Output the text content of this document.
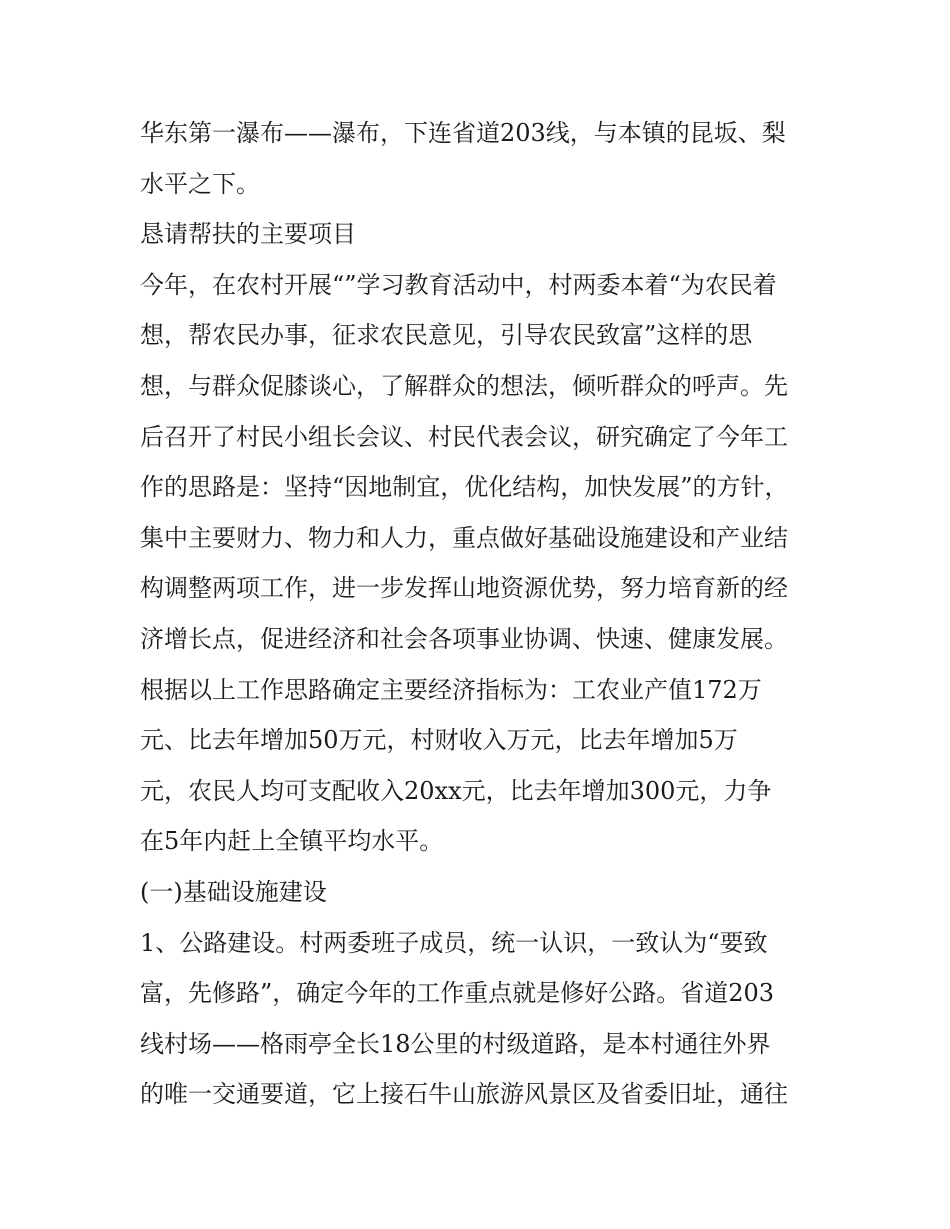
华东第一瀑布——瀑布，下连省道203线，与本镇的昆坂、梨
水平之下。
恳请帮扶的主要项目
今年，在农村开展“”学习教育活动中，村两委本着“为农民着
想，帮农民办事，征求农民意见，引导农民致富”这样的思
想，与群众促膝谈心，了解群众的想法，倾听群众的呼声。先
后召开了村民小组长会议、村民代表会议，研究确定了今年工
作的思路是：坚持“因地制宜，优化结构，加快发展”的方针，
集中主要财力、物力和人力，重点做好基础设施建设和产业结
构调整两项工作，进一步发挥山地资源优势，努力培育新的经
济增长点，促进经济和社会各项事业协调、快速、健康发展。
根据以上工作思路确定主要经济指标为：工农业产值172万
元、比去年增加50万元，村财收入万元，比去年增加5万
元，农民人均可支配收入20xx元，比去年增加300元，力争
在5年内赶上全镇平均水平。
(一)基础设施建设
1、公路建设。村两委班子成员，统一认识，一致认为“要致
富，先修路”，确定今年的工作重点就是修好公路。省道203
线村场——格雨亭全长18公里的村级道路，是本村通往外界
的唯一交通要道，它上接石牛山旅游风景区及省委旧址，通往
